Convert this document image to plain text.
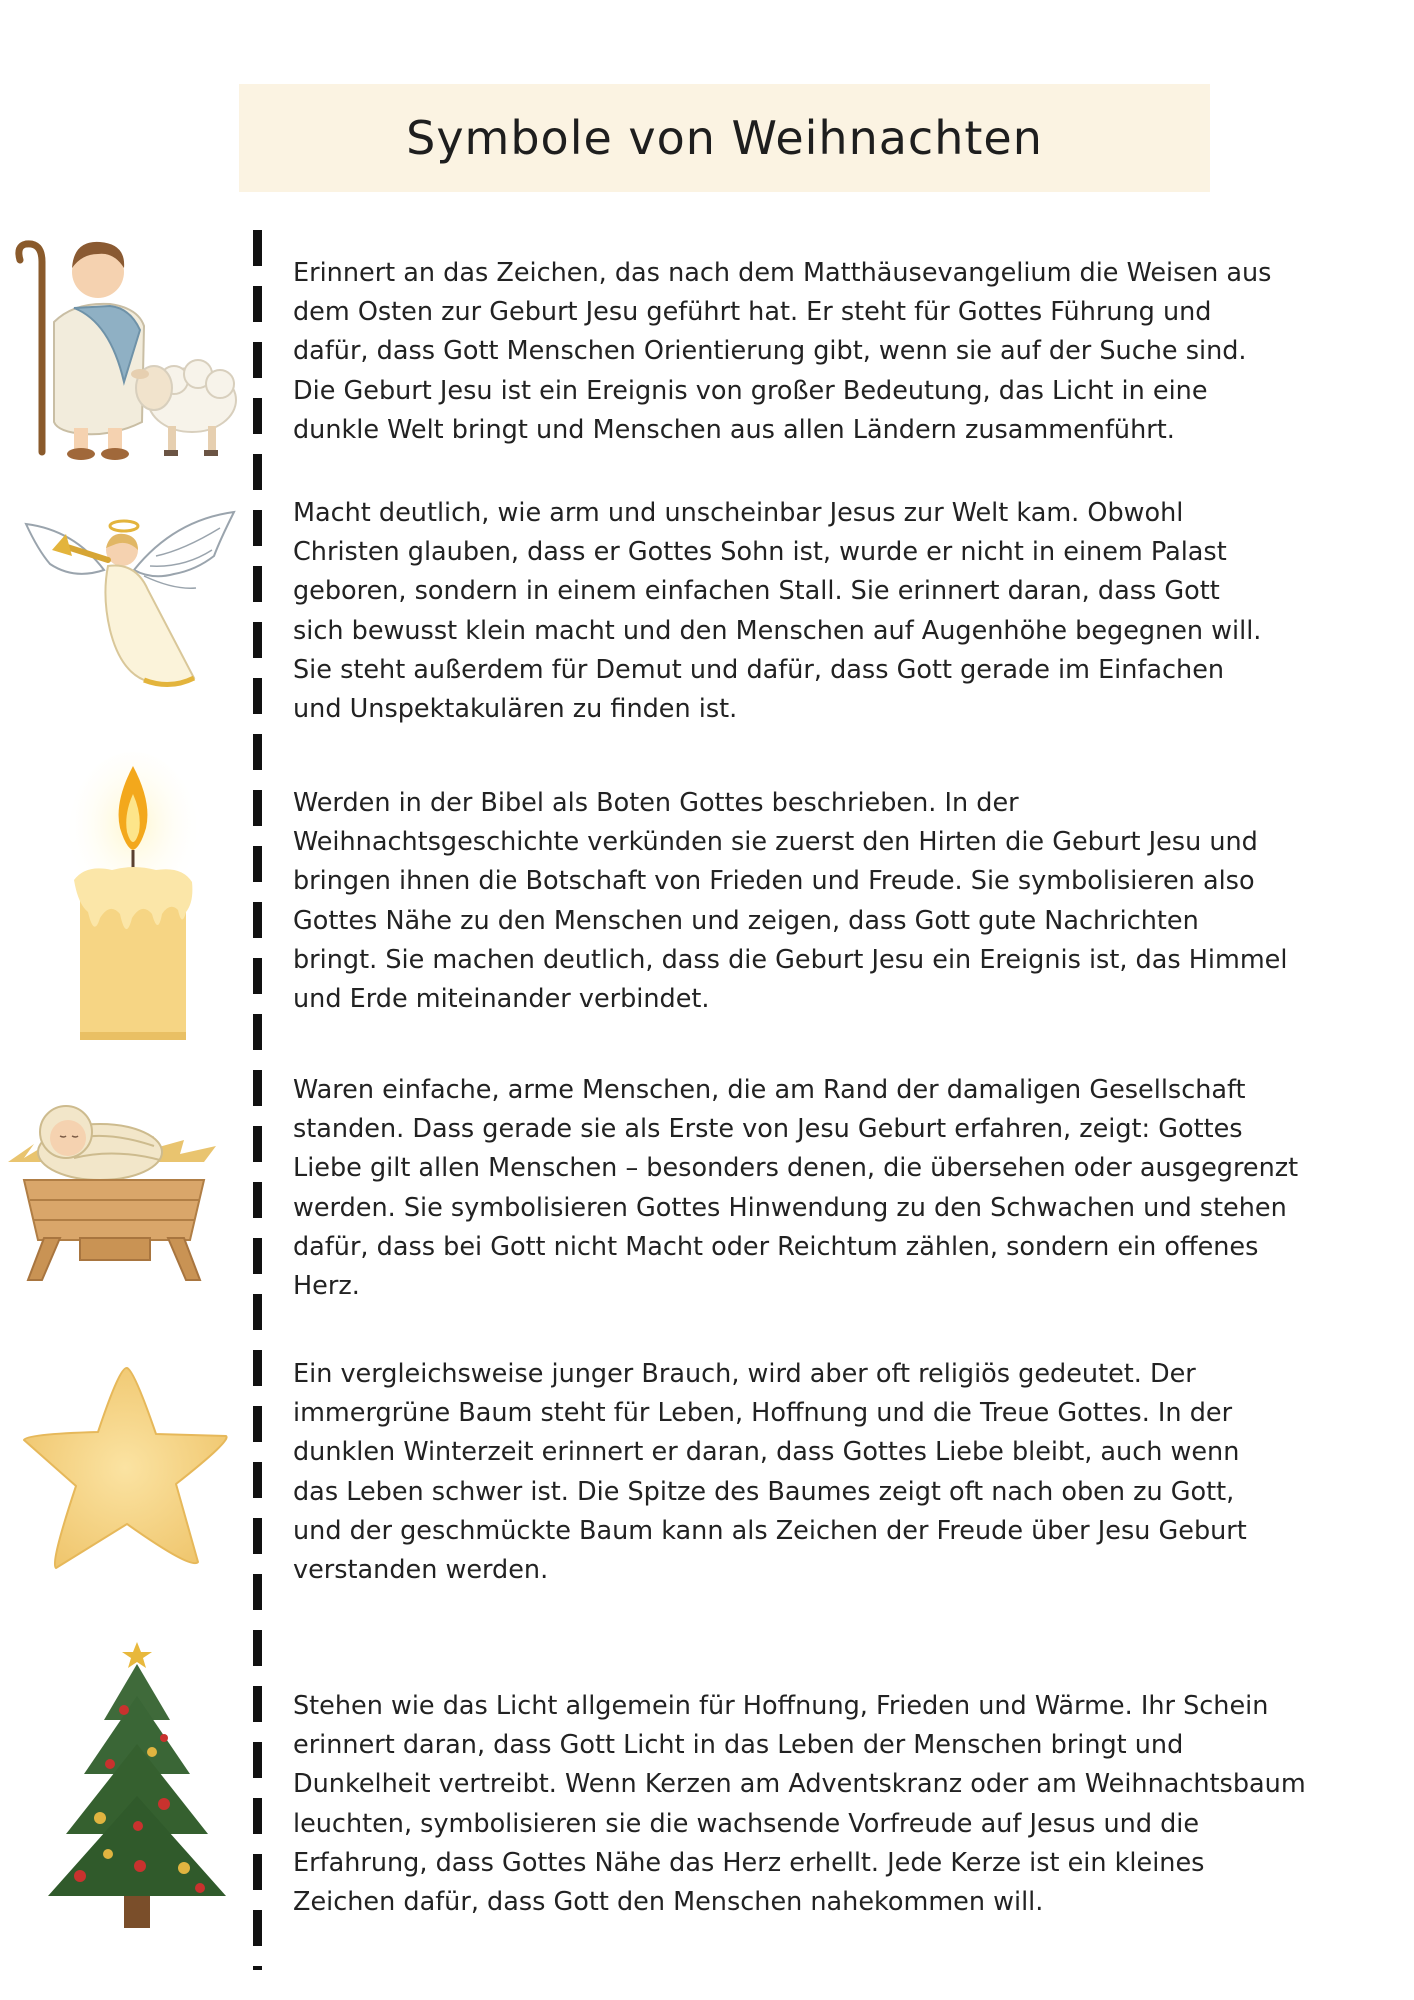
Symbole von Weihnachten

Erinnert an das Zeichen, das nach dem Matthäusevangelium die Weisen aus
dem Osten zur Geburt Jesu geführt hat. Er steht für Gottes Führung und
dafür, dass Gott Menschen Orientierung gibt, wenn sie auf der Suche sind.
Die Geburt Jesu ist ein Ereignis von großer Bedeutung, das Licht in eine
dunkle Welt bringt und Menschen aus allen Ländern zusammenführt.

Macht deutlich, wie arm und unscheinbar Jesus zur Welt kam. Obwohl
Christen glauben, dass er Gottes Sohn ist, wurde er nicht in einem Palast
geboren, sondern in einem einfachen Stall. Sie erinnert daran, dass Gott
sich bewusst klein macht und den Menschen auf Augenhöhe begegnen will.
Sie steht außerdem für Demut und dafür, dass Gott gerade im Einfachen
und Unspektakulären zu finden ist.

Werden in der Bibel als Boten Gottes beschrieben. In der
Weihnachtsgeschichte verkünden sie zuerst den Hirten die Geburt Jesu und
bringen ihnen die Botschaft von Frieden und Freude. Sie symbolisieren also
Gottes Nähe zu den Menschen und zeigen, dass Gott gute Nachrichten
bringt. Sie machen deutlich, dass die Geburt Jesu ein Ereignis ist, das Himmel
und Erde miteinander verbindet.

Waren einfache, arme Menschen, die am Rand der damaligen Gesellschaft
standen. Dass gerade sie als Erste von Jesu Geburt erfahren, zeigt: Gottes
Liebe gilt allen Menschen – besonders denen, die übersehen oder ausgegrenzt
werden. Sie symbolisieren Gottes Hinwendung zu den Schwachen und stehen
dafür, dass bei Gott nicht Macht oder Reichtum zählen, sondern ein offenes
Herz.

Ein vergleichsweise junger Brauch, wird aber oft religiös gedeutet. Der
immergrüne Baum steht für Leben, Hoffnung und die Treue Gottes. In der
dunklen Winterzeit erinnert er daran, dass Gottes Liebe bleibt, auch wenn
das Leben schwer ist. Die Spitze des Baumes zeigt oft nach oben zu Gott,
und der geschmückte Baum kann als Zeichen der Freude über Jesu Geburt
verstanden werden.

Stehen wie das Licht allgemein für Hoffnung, Frieden und Wärme. Ihr Schein
erinnert daran, dass Gott Licht in das Leben der Menschen bringt und
Dunkelheit vertreibt. Wenn Kerzen am Adventskranz oder am Weihnachtsbaum
leuchten, symbolisieren sie die wachsende Vorfreude auf Jesus und die
Erfahrung, dass Gottes Nähe das Herz erhellt. Jede Kerze ist ein kleines
Zeichen dafür, dass Gott den Menschen nahekommen will.
